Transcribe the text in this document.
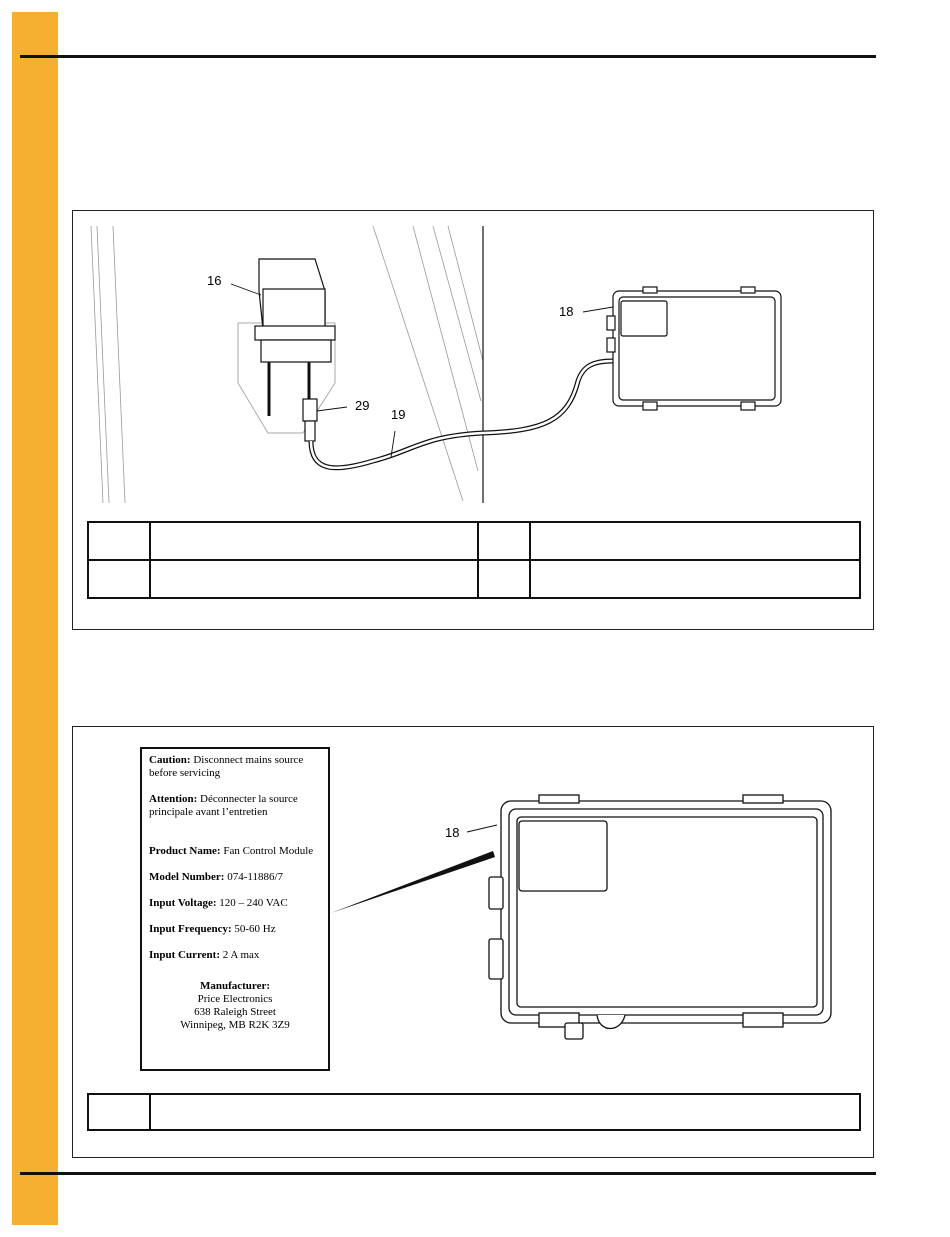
16
18
29
19

18

Caution: Disconnect mains source before servicing

Attention: Déconnecter la source principale avant l’entretien

Product Name: Fan Control Module

Model Number: 074-11886/7

Input Voltage: 120 – 240 VAC

Input Frequency: 50-60 Hz

Input Current: 2 A max

Manufacturer:
Price Electronics
638 Raleigh Street
Winnipeg, MB R2K 3Z9
